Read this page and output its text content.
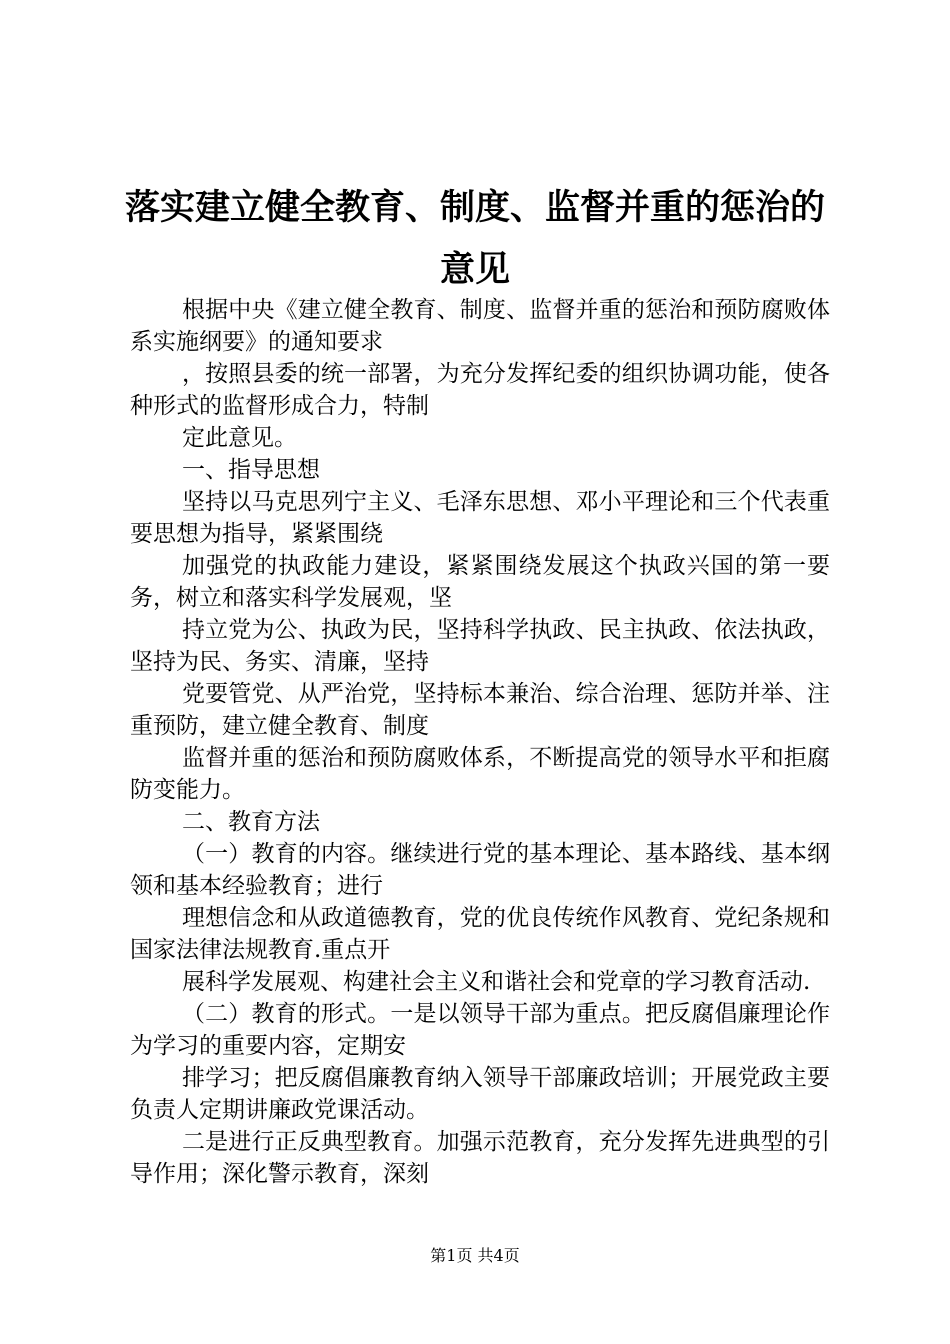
落实建立健全教育、制度、监督并重的惩治的
意见

根据中央《建立健全教育、制度、监督并重的惩治和预防腐败体系实施纲要》的通知要求

，按照县委的统一部署，为充分发挥纪委的组织协调功能，使各种形式的监督形成合力，特制

定此意见。

一、指导思想

坚持以马克思列宁主义、毛泽东思想、邓小平理论和三个代表重要思想为指导，紧紧围绕

加强党的执政能力建设，紧紧围绕发展这个执政兴国的第一要务，树立和落实科学发展观，坚

持立党为公、执政为民，坚持科学执政、民主执政、依法执政，坚持为民、务实、清廉，坚持

党要管党、从严治党，坚持标本兼治、综合治理、惩防并举、注重预防，建立健全教育、制度

监督并重的惩治和预防腐败体系，不断提高党的领导水平和拒腐防变能力。

二、教育方法

（一）教育的内容。继续进行党的基本理论、基本路线、基本纲领和基本经验教育；进行

理想信念和从政道德教育，党的优良传统作风教育、党纪条规和国家法律法规教育.重点开

展科学发展观、构建社会主义和谐社会和党章的学习教育活动.

（二）教育的形式。一是以领导干部为重点。把反腐倡廉理论作为学习的重要内容，定期安

排学习；把反腐倡廉教育纳入领导干部廉政培训；开展党政主要负责人定期讲廉政党课活动。

二是进行正反典型教育。加强示范教育，充分发挥先进典型的引导作用；深化警示教育，深刻

第1页 共4页
